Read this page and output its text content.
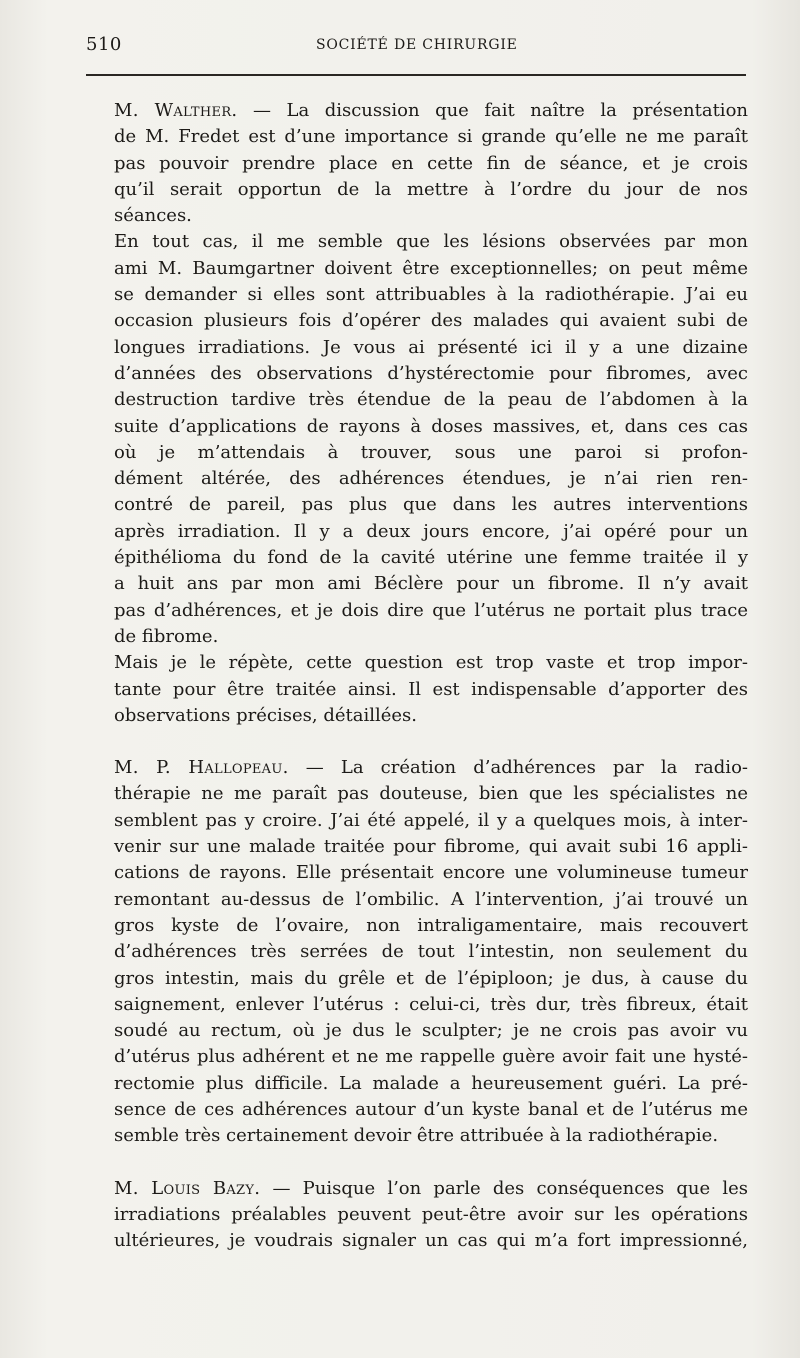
510	SOCIÉTÉ DE CHIRURGIE

M. Walther. — La discussion que fait naître la présentation
de M. Fredet est d’une importance si grande qu’elle ne me paraît
pas pouvoir prendre place en cette fin de séance, et je crois
qu’il serait opportun de la mettre à l’ordre du jour de nos
séances.

En tout cas, il me semble que les lésions observées par mon
ami M. Baumgartner doivent être exceptionnelles; on peut même
se demander si elles sont attribuables à la radiothérapie. J’ai eu
occasion plusieurs fois d’opérer des malades qui avaient subi de
longues irradiations. Je vous ai présenté ici il y a une dizaine
d’années des observations d’hystérectomie pour fibromes, avec
destruction tardive très étendue de la peau de l’abdomen à la
suite d’applications de rayons à doses massives, et, dans ces cas
où je m’attendais à trouver, sous une paroi si profon-
dément altérée, des adhérences étendues, je n’ai rien ren-
contré de pareil, pas plus que dans les autres interventions
après irradiation. Il y a deux jours encore, j’ai opéré pour un
épithélioma du fond de la cavité utérine une femme traitée il y
a huit ans par mon ami Béclère pour un fibrome. Il n’y avait
pas d’adhérences, et je dois dire que l’utérus ne portait plus trace
de fibrome.

Mais je le répète, cette question est trop vaste et trop impor-
tante pour être traitée ainsi. Il est indispensable d’apporter des
observations précises, détaillées.

M. P. Hallopeau. — La création d’adhérences par la radio-
thérapie ne me paraît pas douteuse, bien que les spécialistes ne
semblent pas y croire. J’ai été appelé, il y a quelques mois, à inter-
venir sur une malade traitée pour fibrome, qui avait subi 16 appli-
cations de rayons. Elle présentait encore une volumineuse tumeur
remontant au-dessus de l’ombilic. A l’intervention, j’ai trouvé un
gros kyste de l’ovaire, non intraligamentaire, mais recouvert
d’adhérences très serrées de tout l’intestin, non seulement du
gros intestin, mais du grêle et de l’épiploon; je dus, à cause du
saignement, enlever l’utérus : celui-ci, très dur, très fibreux, était
soudé au rectum, où je dus le sculpter; je ne crois pas avoir vu
d’utérus plus adhérent et ne me rappelle guère avoir fait une hysté-
rectomie plus difficile. La malade a heureusement guéri. La pré-
sence de ces adhérences autour d’un kyste banal et de l’utérus me
semble très certainement devoir être attribuée à la radiothérapie.

M. Louis Bazy. — Puisque l’on parle des conséquences que les
irradiations préalables peuvent peut-être avoir sur les opérations
ultérieures, je voudrais signaler un cas qui m’a fort impressionné,
